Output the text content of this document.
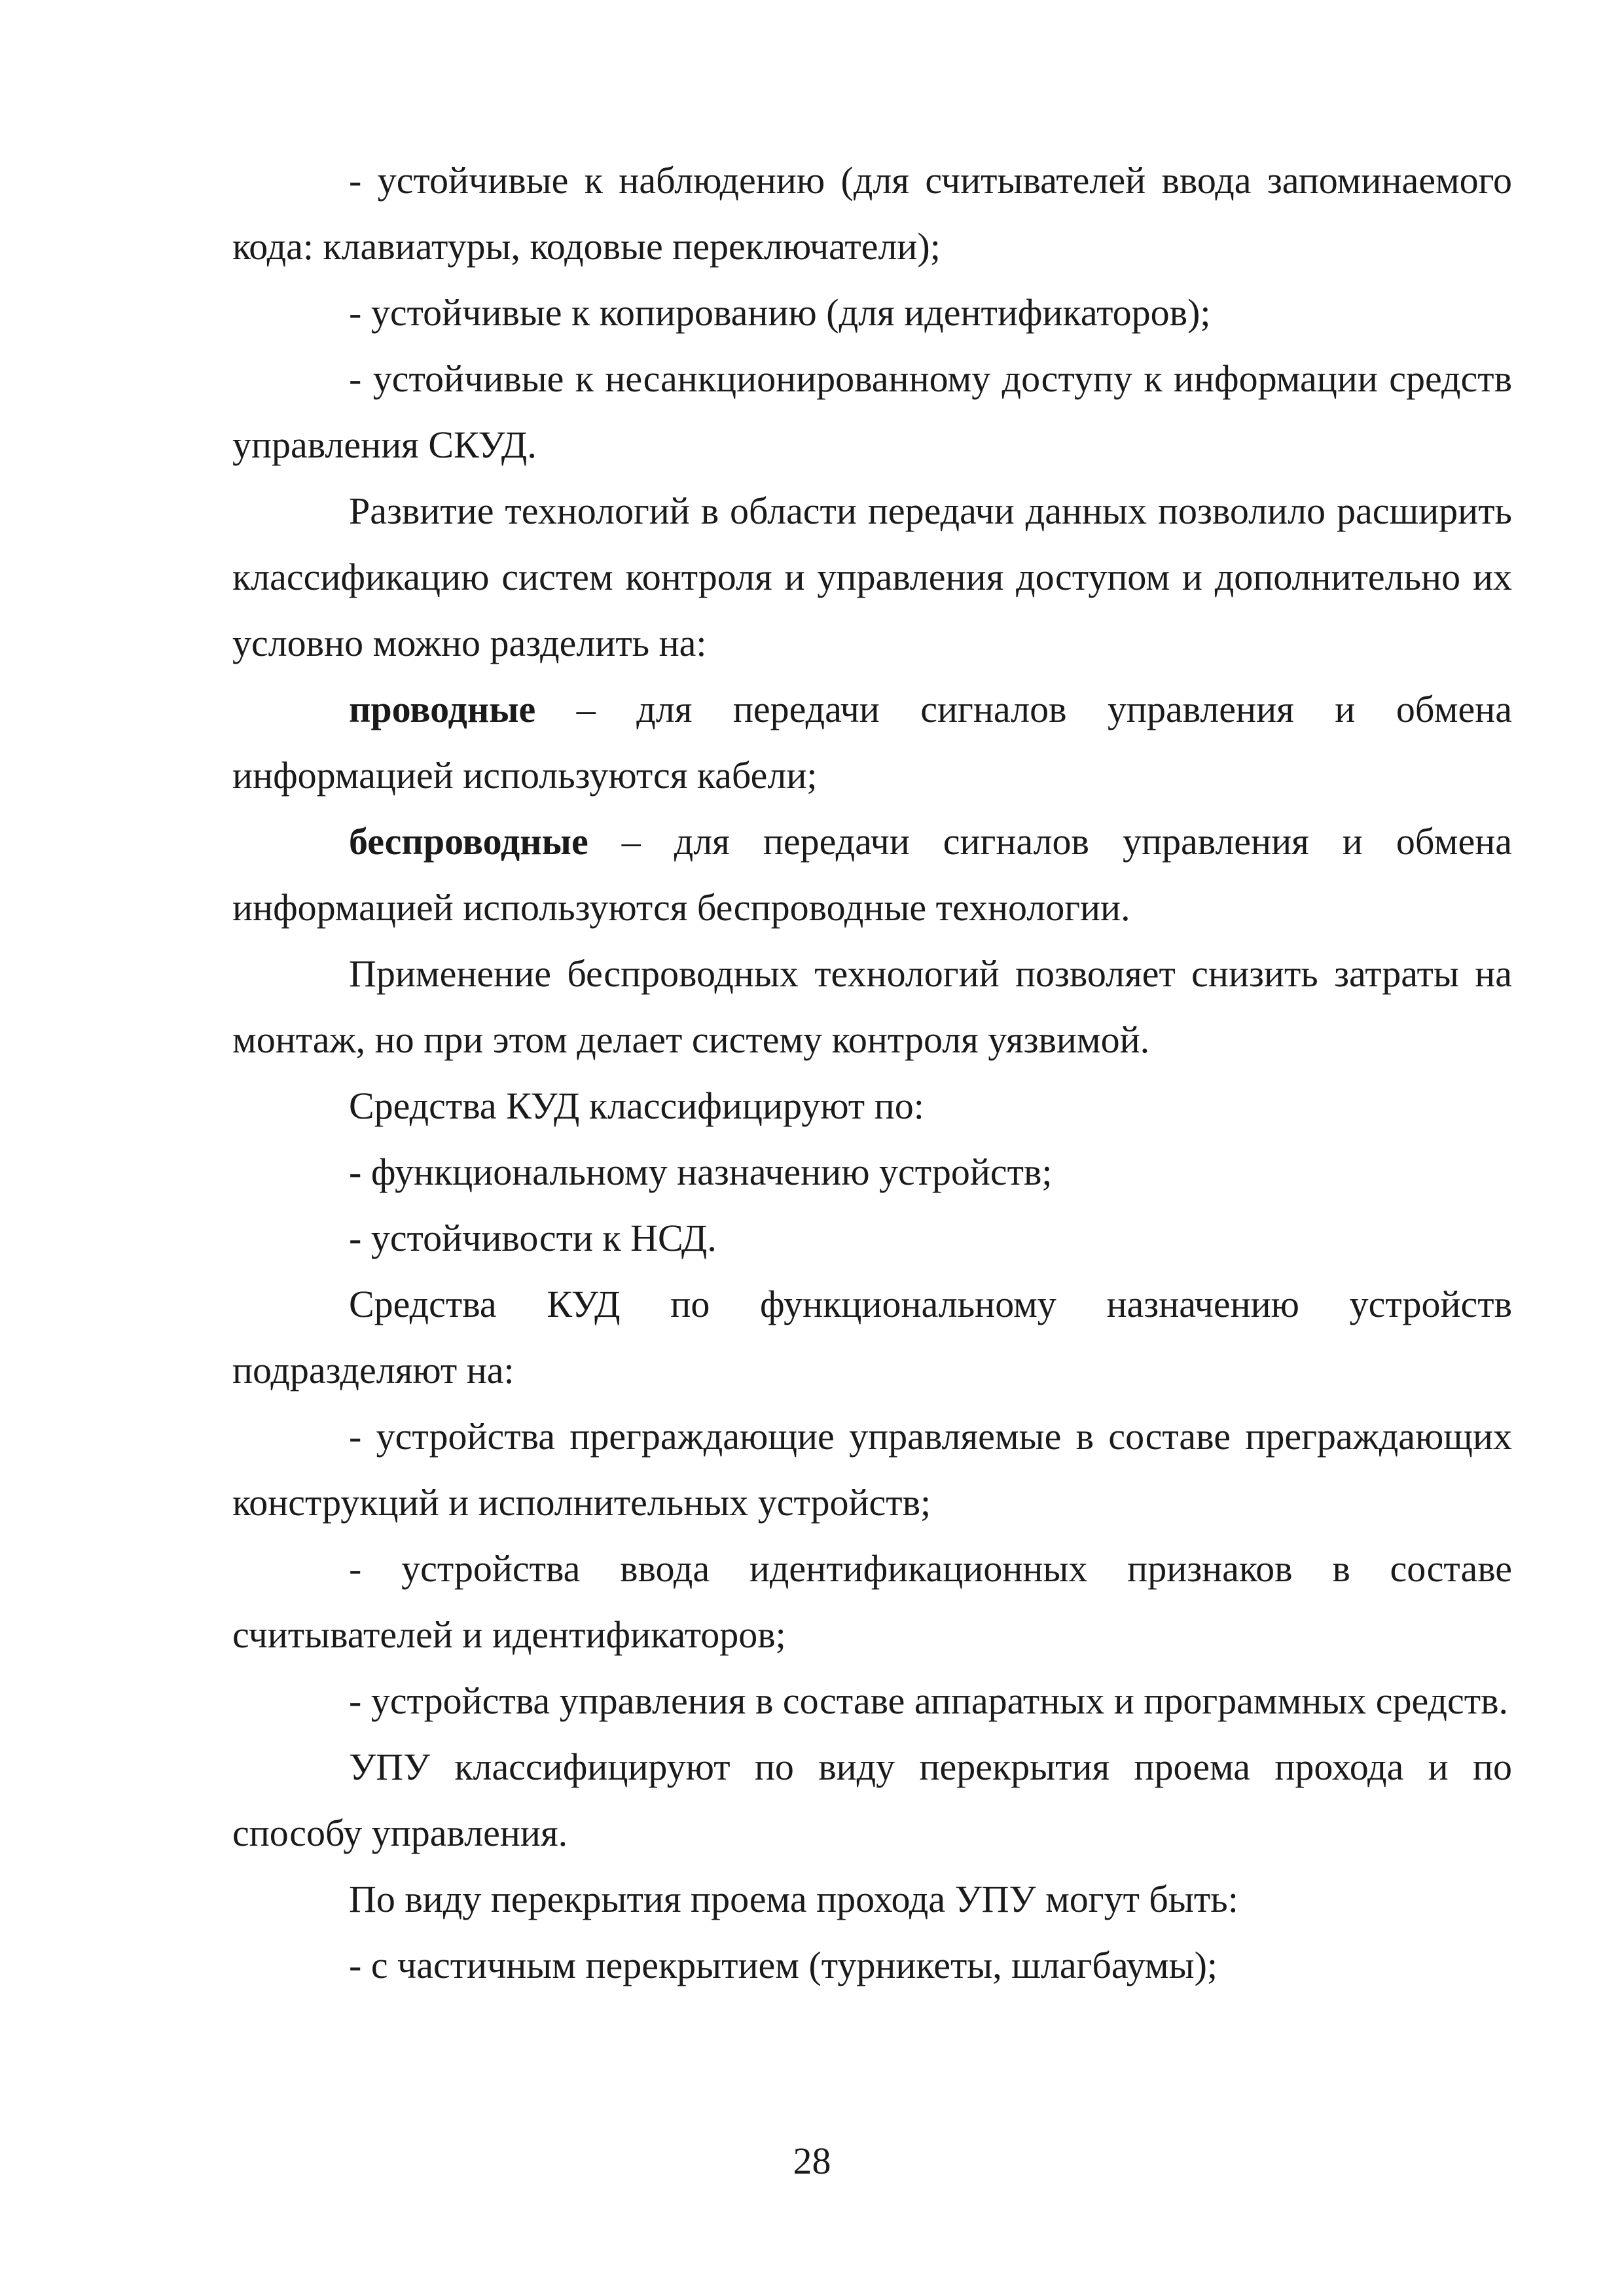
- устойчивые к наблюдению (для считывателей ввода запоминаемого кода: клавиатуры, кодовые переключатели);

- устойчивые к копированию (для идентификаторов);

- устойчивые к несанкционированному доступу к информации средств управления СКУД.

Развитие технологий в области передачи данных позволило расширить классификацию систем контроля и управления доступом и дополнительно их условно можно разделить на:

проводные – для передачи сигналов управления и обмена информацией используются кабели;

беспроводные – для передачи сигналов управления и обмена информацией используются беспроводные технологии.

Применение беспроводных технологий позволяет снизить затраты на монтаж, но при этом делает систему контроля уязвимой.

Средства КУД классифицируют по:

- функциональному назначению устройств;

- устойчивости к НСД.

Средства КУД по функциональному назначению устройств подразделяют на:

- устройства преграждающие управляемые в составе преграждающих конструкций и исполнительных устройств;

- устройства ввода идентификационных признаков в составе считывателей и идентификаторов;

- устройства управления в составе аппаратных и программных средств.

УПУ классифицируют по виду перекрытия проема прохода и по способу управления.

По виду перекрытия проема прохода УПУ могут быть:

- с частичным перекрытием (турникеты, шлагбаумы);

28
